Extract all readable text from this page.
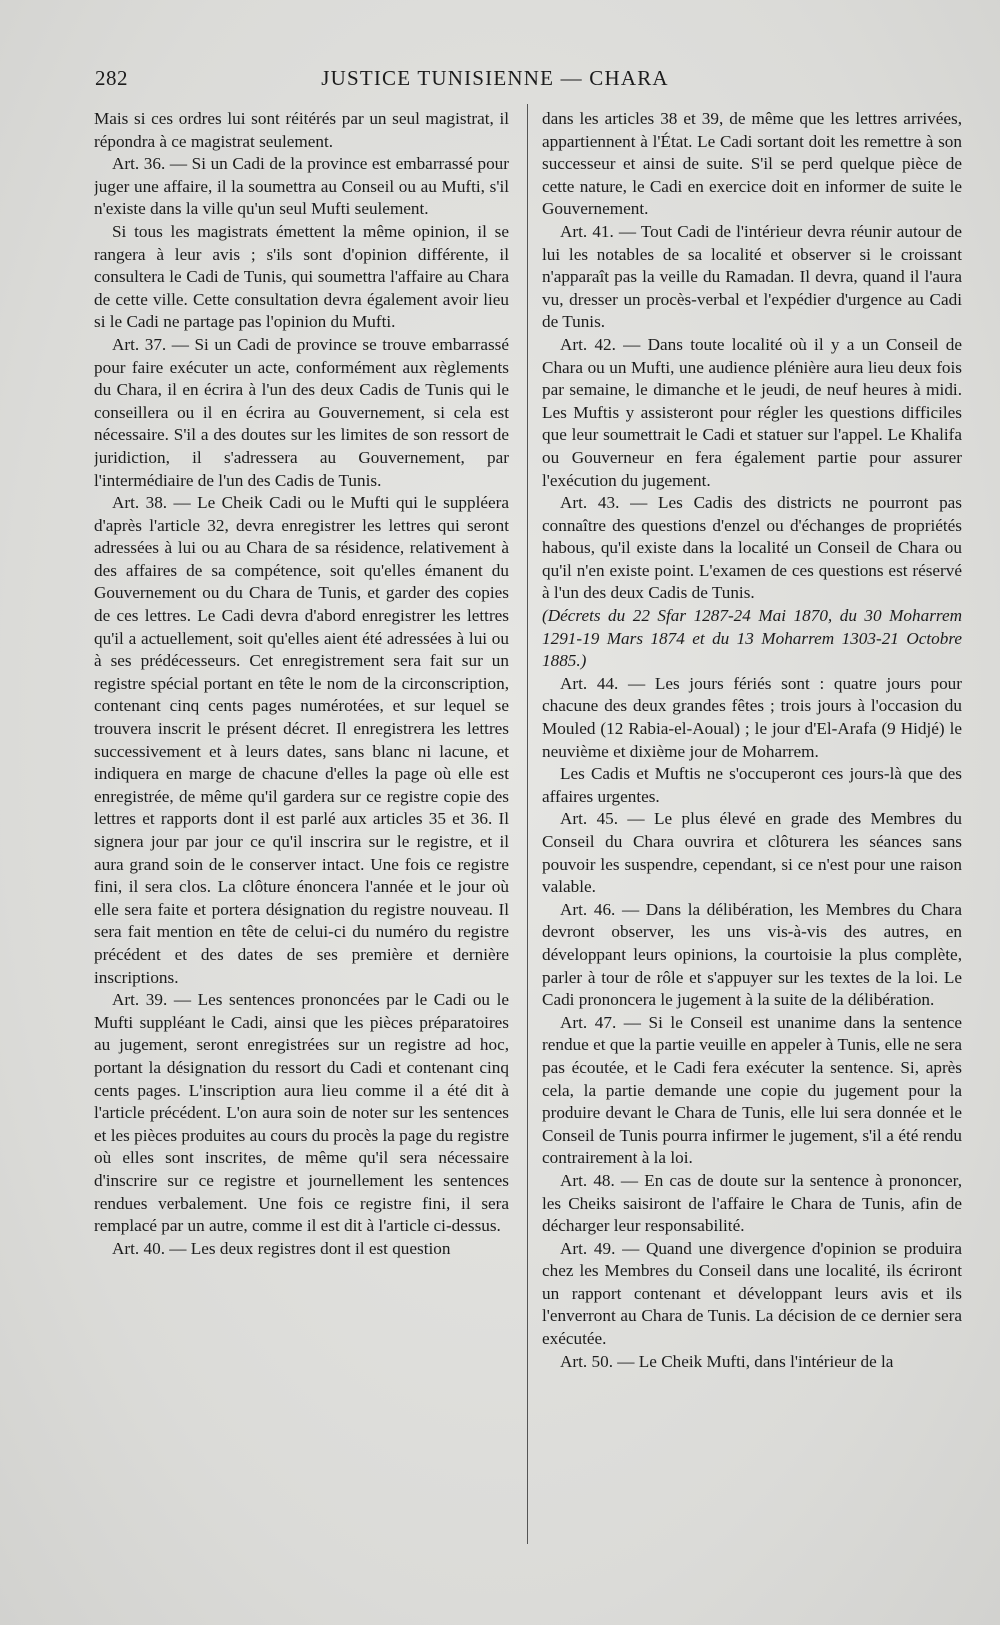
282	JUSTICE TUNISIENNE — CHARA

Mais si ces ordres lui sont réitérés par un seul magistrat, il répondra à ce magistrat seulement.

Art. 36. — Si un Cadi de la province est embarrassé pour juger une affaire, il la soumettra au Conseil ou au Mufti, s'il n'existe dans la ville qu'un seul Mufti seulement.

Si tous les magistrats émettent la même opinion, il se rangera à leur avis ; s'ils sont d'opinion différente, il consultera le Cadi de Tunis, qui soumettra l'affaire au Chara de cette ville. Cette consultation devra également avoir lieu si le Cadi ne partage pas l'opinion du Mufti.

Art. 37. — Si un Cadi de province se trouve embarrassé pour faire exécuter un acte, conformément aux règlements du Chara, il en écrira à l'un des deux Cadis de Tunis qui le conseillera ou il en écrira au Gouvernement, si cela est nécessaire. S'il a des doutes sur les limites de son ressort de juridiction, il s'adressera au Gouvernement, par l'intermédiaire de l'un des Cadis de Tunis.

Art. 38. — Le Cheik Cadi ou le Mufti qui le suppléera d'après l'article 32, devra enregistrer les lettres qui seront adressées à lui ou au Chara de sa résidence, relativement à des affaires de sa compétence, soit qu'elles émanent du Gouvernement ou du Chara de Tunis, et garder des copies de ces lettres. Le Cadi devra d'abord enregistrer les lettres qu'il a actuellement, soit qu'elles aient été adressées à lui ou à ses prédécesseurs. Cet enregistrement sera fait sur un registre spécial portant en tête le nom de la circonscription, contenant cinq cents pages numérotées, et sur lequel se trouvera inscrit le présent décret. Il enregistrera les lettres successivement et à leurs dates, sans blanc ni lacune, et indiquera en marge de chacune d'elles la page où elle est enregistrée, de même qu'il gardera sur ce registre copie des lettres et rapports dont il est parlé aux articles 35 et 36. Il signera jour par jour ce qu'il inscrira sur le registre, et il aura grand soin de le conserver intact. Une fois ce registre fini, il sera clos. La clôture énoncera l'année et le jour où elle sera faite et portera désignation du registre nouveau. Il sera fait mention en tête de celui-ci du numéro du registre précédent et des dates de ses première et dernière inscriptions.

Art. 39. — Les sentences prononcées par le Cadi ou le Mufti suppléant le Cadi, ainsi que les pièces préparatoires au jugement, seront enregistrées sur un registre ad hoc, portant la désignation du ressort du Cadi et contenant cinq cents pages. L'inscription aura lieu comme il a été dit à l'article précédent. L'on aura soin de noter sur les sentences et les pièces produites au cours du procès la page du registre où elles sont inscrites, de même qu'il sera nécessaire d'inscrire sur ce registre et journellement les sentences rendues verbalement. Une fois ce registre fini, il sera remplacé par un autre, comme il est dit à l'article ci-dessus.

Art. 40. — Les deux registres dont il est question

dans les articles 38 et 39, de même que les lettres arrivées, appartiennent à l'État. Le Cadi sortant doit les remettre à son successeur et ainsi de suite. S'il se perd quelque pièce de cette nature, le Cadi en exercice doit en informer de suite le Gouvernement.

Art. 41. — Tout Cadi de l'intérieur devra réunir autour de lui les notables de sa localité et observer si le croissant n'apparaît pas la veille du Ramadan. Il devra, quand il l'aura vu, dresser un procès-verbal et l'expédier d'urgence au Cadi de Tunis.

Art. 42. — Dans toute localité où il y a un Conseil de Chara ou un Mufti, une audience plénière aura lieu deux fois par semaine, le dimanche et le jeudi, de neuf heures à midi. Les Muftis y assisteront pour régler les questions difficiles que leur soumettrait le Cadi et statuer sur l'appel. Le Khalifa ou Gouverneur en fera également partie pour assurer l'exécution du jugement.

Art. 43. — Les Cadis des districts ne pourront pas connaître des questions d'enzel ou d'échanges de propriétés habous, qu'il existe dans la localité un Conseil de Chara ou qu'il n'en existe point. L'examen de ces questions est réservé à l'un des deux Cadis de Tunis.

(Décrets du 22 Sfar 1287-24 Mai 1870, du 30 Moharrem 1291-19 Mars 1874 et du 13 Moharrem 1303-21 Octobre 1885.)

Art. 44. — Les jours fériés sont : quatre jours pour chacune des deux grandes fêtes ; trois jours à l'occasion du Mouled (12 Rabia-el-Aoual) ; le jour d'El-Arafa (9 Hidjé) le neuvième et dixième jour de Moharrem.

Les Cadis et Muftis ne s'occuperont ces jours-là que des affaires urgentes.

Art. 45. — Le plus élevé en grade des Membres du Conseil du Chara ouvrira et clôturera les séances sans pouvoir les suspendre, cependant, si ce n'est pour une raison valable.

Art. 46. — Dans la délibération, les Membres du Chara devront observer, les uns vis-à-vis des autres, en développant leurs opinions, la courtoisie la plus complète, parler à tour de rôle et s'appuyer sur les textes de la loi. Le Cadi prononcera le jugement à la suite de la délibération.

Art. 47. — Si le Conseil est unanime dans la sentence rendue et que la partie veuille en appeler à Tunis, elle ne sera pas écoutée, et le Cadi fera exécuter la sentence. Si, après cela, la partie demande une copie du jugement pour la produire devant le Chara de Tunis, elle lui sera donnée et le Conseil de Tunis pourra infirmer le jugement, s'il a été rendu contrairement à la loi.

Art. 48. — En cas de doute sur la sentence à prononcer, les Cheiks saisiront de l'affaire le Chara de Tunis, afin de décharger leur responsabilité.

Art. 49. — Quand une divergence d'opinion se produira chez les Membres du Conseil dans une localité, ils écriront un rapport contenant et développant leurs avis et ils l'enverront au Chara de Tunis. La décision de ce dernier sera exécutée.

Art. 50. — Le Cheik Mufti, dans l'intérieur de la
